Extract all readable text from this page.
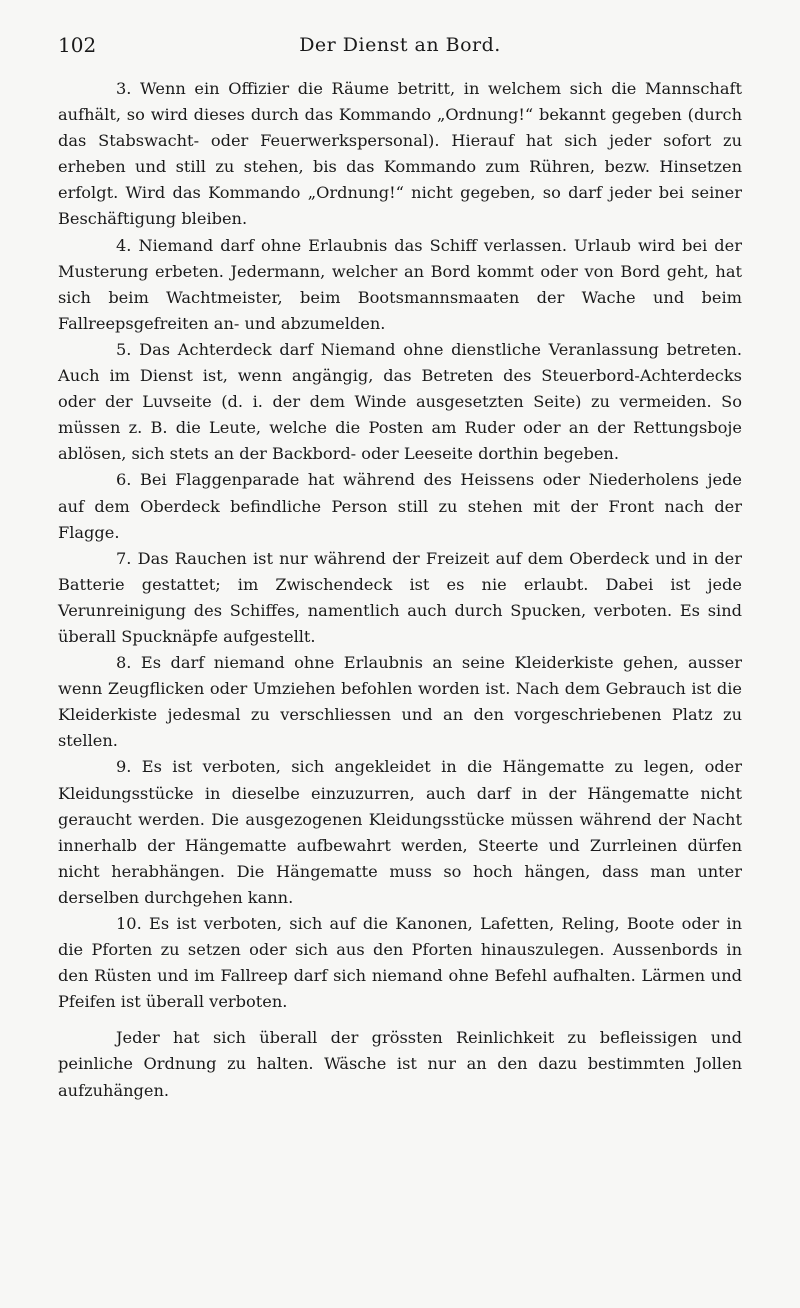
102	Der Dienst an Bord.

3. Wenn ein Offizier die Räume betritt, in welchem sich die Mannschaft aufhält, so wird dieses durch das Kommando „Ordnung!“ bekannt gegeben (durch das Stabswacht- oder Feuerwerkspersonal). Hierauf hat sich jeder sofort zu erheben und still zu stehen, bis das Kommando zum Rühren, bezw. Hinsetzen erfolgt. Wird das Kommando „Ordnung!“ nicht gegeben, so darf jeder bei seiner Beschäftigung bleiben.

4. Niemand darf ohne Erlaubnis das Schiff verlassen. Urlaub wird bei der Musterung erbeten. Jedermann, welcher an Bord kommt oder von Bord geht, hat sich beim Wachtmeister, beim Bootsmannsmaaten der Wache und beim Fallreepsgefreiten an- und abzumelden.

5. Das Achterdeck darf Niemand ohne dienstliche Veranlassung betreten. Auch im Dienst ist, wenn angängig, das Betreten des Steuerbord-Achterdecks oder der Luvseite (d. i. der dem Winde ausgesetzten Seite) zu vermeiden. So müssen z. B. die Leute, welche die Posten am Ruder oder an der Rettungsboje ablösen, sich stets an der Backbord- oder Leeseite dorthin begeben.

6. Bei Flaggenparade hat während des Heissens oder Niederholens jede auf dem Oberdeck befindliche Person still zu stehen mit der Front nach der Flagge.

7. Das Rauchen ist nur während der Freizeit auf dem Oberdeck und in der Batterie gestattet; im Zwischendeck ist es nie erlaubt. Dabei ist jede Verunreinigung des Schiffes, namentlich auch durch Spucken, verboten. Es sind überall Spucknäpfe aufgestellt.

8. Es darf niemand ohne Erlaubnis an seine Kleiderkiste gehen, ausser wenn Zeugflicken oder Umziehen befohlen worden ist. Nach dem Gebrauch ist die Kleiderkiste jedesmal zu verschliessen und an den vorgeschriebenen Platz zu stellen.

9. Es ist verboten, sich angekleidet in die Hängematte zu legen, oder Kleidungsstücke in dieselbe einzuzurren, auch darf in der Hängematte nicht geraucht werden. Die ausgezogenen Kleidungsstücke müssen während der Nacht innerhalb der Hängematte aufbewahrt werden, Steerte und Zurrleinen dürfen nicht herabhängen. Die Hängematte muss so hoch hängen, dass man unter derselben durchgehen kann.

10. Es ist verboten, sich auf die Kanonen, Lafetten, Reling, Boote oder in die Pforten zu setzen oder sich aus den Pforten hinauszulegen. Aussenbords in den Rüsten und im Fallreep darf sich niemand ohne Befehl aufhalten. Lärmen und Pfeifen ist überall verboten.

Jeder hat sich überall der grössten Reinlichkeit zu befleissigen und peinliche Ordnung zu halten. Wäsche ist nur an den dazu bestimmten Jollen aufzuhängen.
